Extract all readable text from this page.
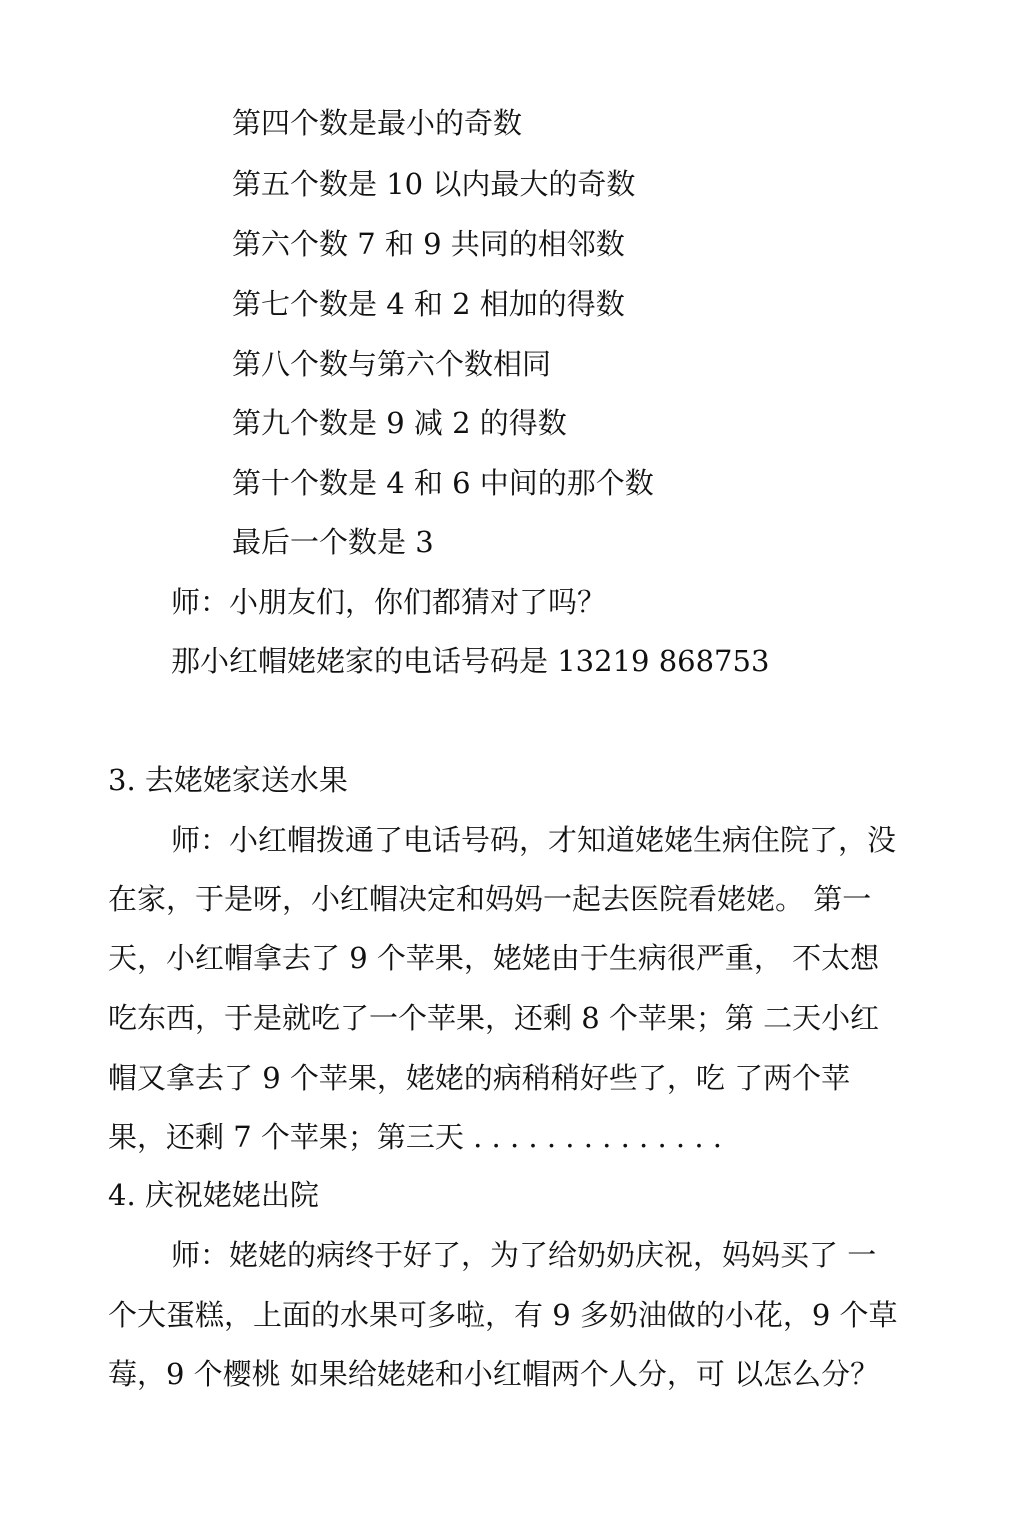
第四个数是最小的奇数
第五个数是 10 以内最大的奇数
第六个数 7 和 9 共同的相邻数
第七个数是 4 和 2 相加的得数
第八个数与第六个数相同
第九个数是 9 减 2 的得数
第十个数是 4 和 6 中间的那个数
最后一个数是 3
师：小朋友们，你们都猜对了吗？
那小红帽姥姥家的电话号码是 13219 868753
3. 去姥姥家送水果
师：小红帽拨通了电话号码，才知道姥姥生病住院了，没
在家，于是呀，小红帽决定和妈妈一起去医院看姥姥。 第一
天，小红帽拿去了 9 个苹果，姥姥由于生病很严重， 不太想
吃东西，于是就吃了一个苹果，还剩 8 个苹果；第 二天小红
帽又拿去了 9 个苹果，姥姥的病稍稍好些了，吃 了两个苹
果，还剩 7 个苹果；第三天 . . . . . . . . . . . . . .
4. 庆祝姥姥出院
师：姥姥的病终于好了，为了给奶奶庆祝，妈妈买了 一
个大蛋糕，上面的水果可多啦，有 9 多奶油做的小花，9 个草
莓，9 个樱桃 如果给姥姥和小红帽两个人分，可 以怎么分？
